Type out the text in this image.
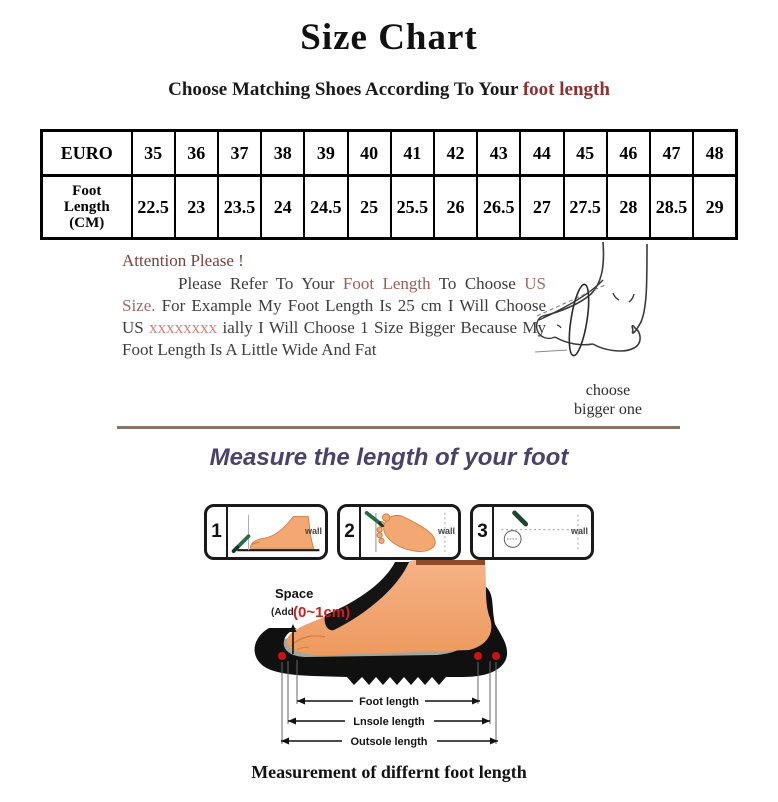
Size Chart
Choose Matching Shoes According To Your foot length
EURO	35	36	37	38	39	40	41	42	43	44	45	46	47	48

Foot
Length
(CM)	22.5	23	23.5	24	24.5	25	25.5	26	26.5	27	27.5	28	28.5	29
Attention Please !

Please Refer To Your Foot Length To Choose US Size. For Example My Foot Length Is 25 cm I Will Choose US xxxxxxxx ially I Will Choose 1 Size Bigger Because My Foot Length Is A Little Wide And Fat

choose
bigger one
Measure the length of your foot
1	wall 2	wall 3	wall
Space
(Add (0~1cm)
Foot length
Lnsole length
Outsole length
Measurement of differnt foot length
